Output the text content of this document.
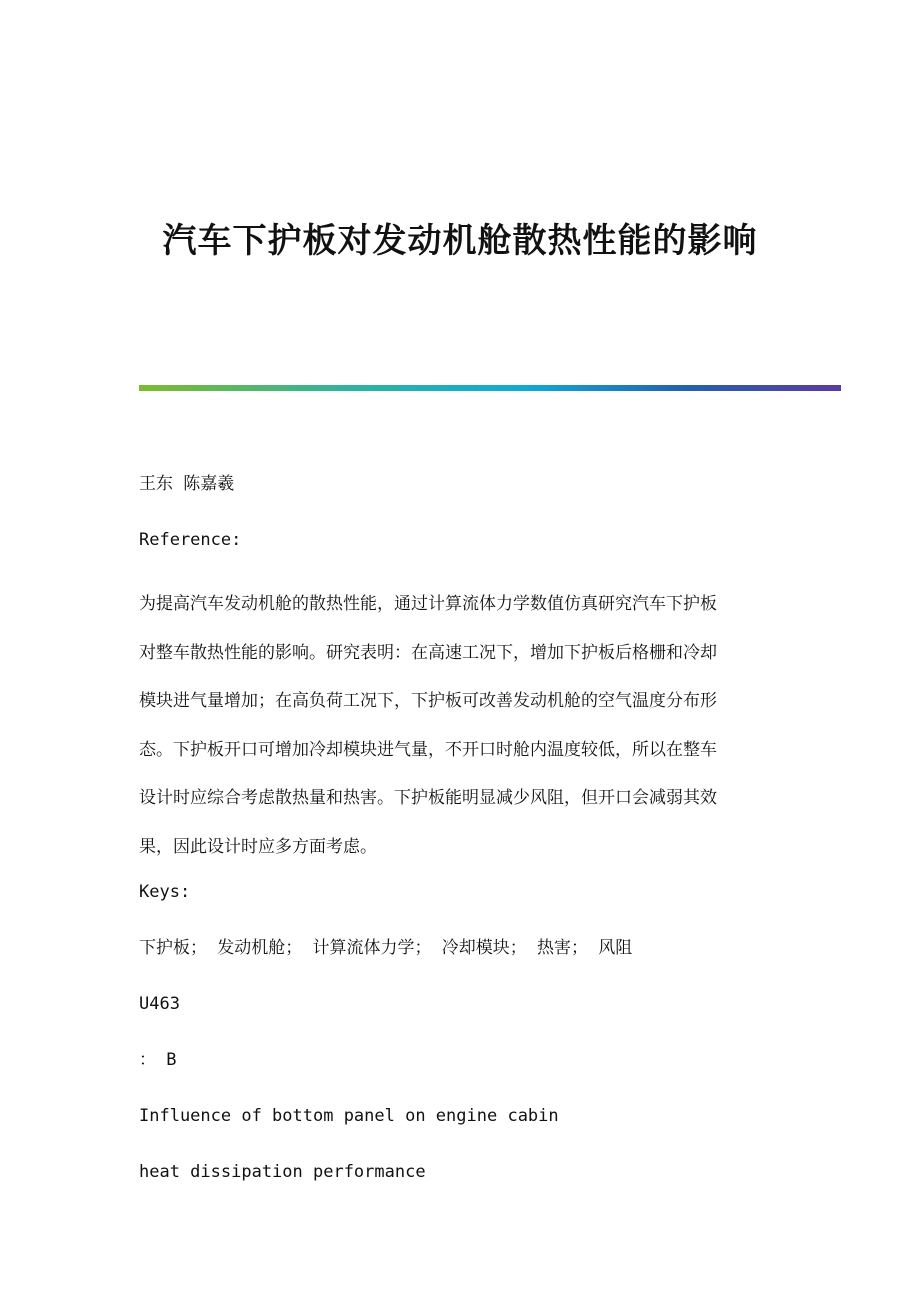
汽车下护板对发动机舱散热性能的影响

王东 陈嘉羲

Reference:

为提高汽车发动机舱的散热性能，通过计算流体力学数值仿真研究汽车下护板
对整车散热性能的影响。研究表明：在高速工况下，增加下护板后格栅和冷却
模块进气量增加；在高负荷工况下，下护板可改善发动机舱的空气温度分布形
态。下护板开口可增加冷却模块进气量，不开口时舱内温度较低，所以在整车
设计时应综合考虑散热量和热害。下护板能明显减少风阻，但开口会减弱其效
果，因此设计时应多方面考虑。

Keys:

下护板； 发动机舱； 计算流体力学； 冷却模块； 热害； 风阻

U463

： B

Influence of bottom panel on engine cabin

heat dissipation performance
